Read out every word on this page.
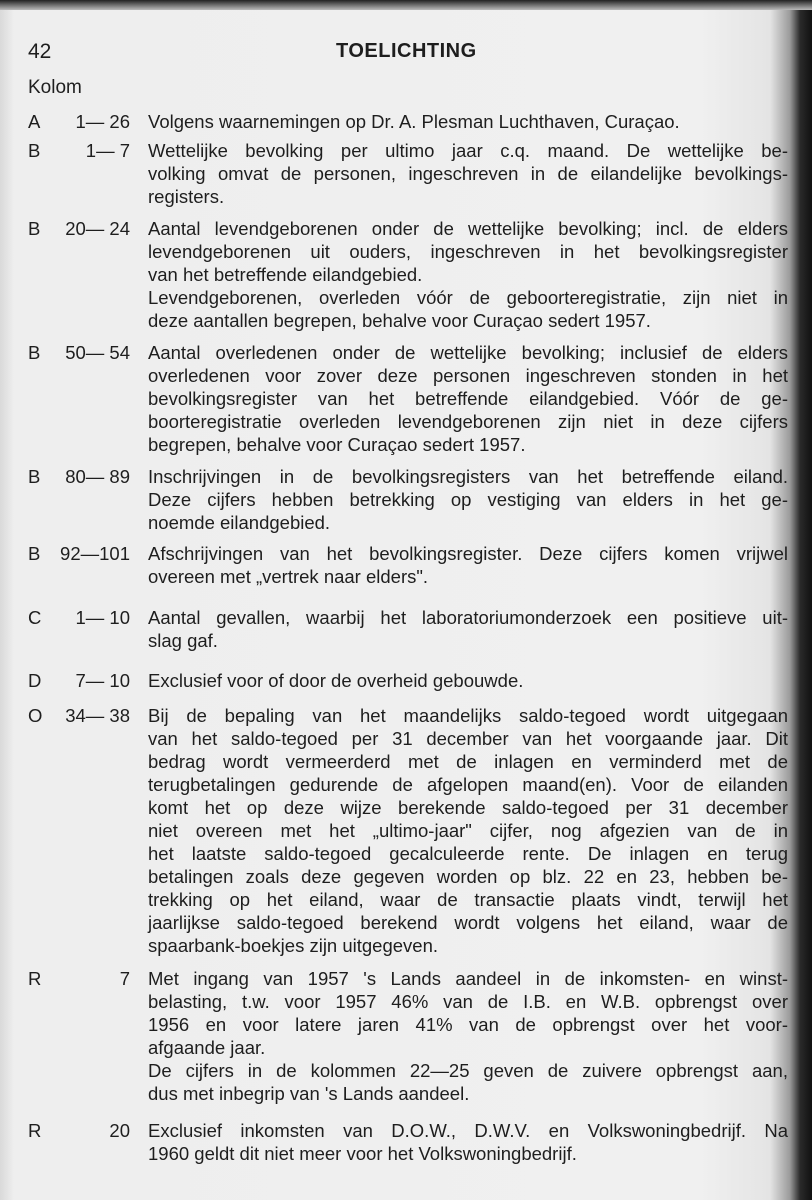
42	TOELICHTING
Kolom
A	1— 26 Volgens waarnemingen op Dr. A. Plesman Luchthaven, Curaçao.
B	1— 7 Wettelijke bevolking per ultimo jaar c.q. maand. De wettelijke be-
volking omvat de personen, ingeschreven in de eilandelijke bevolkings-
registers.
B	20— 24 Aantal levendgeborenen onder de wettelijke bevolking; incl. de elders
levendgeborenen uit ouders, ingeschreven in het bevolkingsregister
van het betreffende eilandgebied.
Levendgeborenen, overleden vóór de geboorteregistratie, zijn niet in
deze aantallen begrepen, behalve voor Curaçao sedert 1957.
B	50— 54 Aantal overledenen onder de wettelijke bevolking; inclusief de elders
overledenen voor zover deze personen ingeschreven stonden in het
bevolkingsregister van het betreffende eilandgebied. Vóór de ge-
boorteregistratie overleden levendgeborenen zijn niet in deze cijfers
begrepen, behalve voor Curaçao sedert 1957.
B	80— 89 Inschrijvingen in de bevolkingsregisters van het betreffende eiland.
Deze cijfers hebben betrekking op vestiging van elders in het ge-
noemde eilandgebied.
B	92—101 Afschrijvingen van het bevolkingsregister. Deze cijfers komen vrijwel
overeen met „vertrek naar elders".
C	1— 10 Aantal gevallen, waarbij het laboratoriumonderzoek een positieve uit-
slag gaf.
D	7— 10 Exclusief voor of door de overheid gebouwde.
O	34— 38 Bij de bepaling van het maandelijks saldo-tegoed wordt uitgegaan
van het saldo-tegoed per 31 december van het voorgaande jaar. Dit
bedrag wordt vermeerderd met de inlagen en verminderd met de
terugbetalingen gedurende de afgelopen maand(en). Voor de eilanden
komt het op deze wijze berekende saldo-tegoed per 31 december
niet overeen met het „ultimo-jaar" cijfer, nog afgezien van de in
het laatste saldo-tegoed gecalculeerde rente. De inlagen en terug
betalingen zoals deze gegeven worden op blz. 22 en 23, hebben be-
trekking op het eiland, waar de transactie plaats vindt, terwijl het
jaarlijkse saldo-tegoed berekend wordt volgens het eiland, waar de
spaarbank-boekjes zijn uitgegeven.
R	7 Met ingang van 1957 's Lands aandeel in de inkomsten- en winst-
belasting, t.w. voor 1957 46% van de I.B. en W.B. opbrengst over
1956 en voor latere jaren 41% van de opbrengst over het voor-
afgaande jaar.
De cijfers in de kolommen 22—25 geven de zuivere opbrengst aan,
dus met inbegrip van 's Lands aandeel.
R	20 Exclusief inkomsten van D.O.W., D.W.V. en Volkswoningbedrijf. Na
1960 geldt dit niet meer voor het Volkswoningbedrijf.
